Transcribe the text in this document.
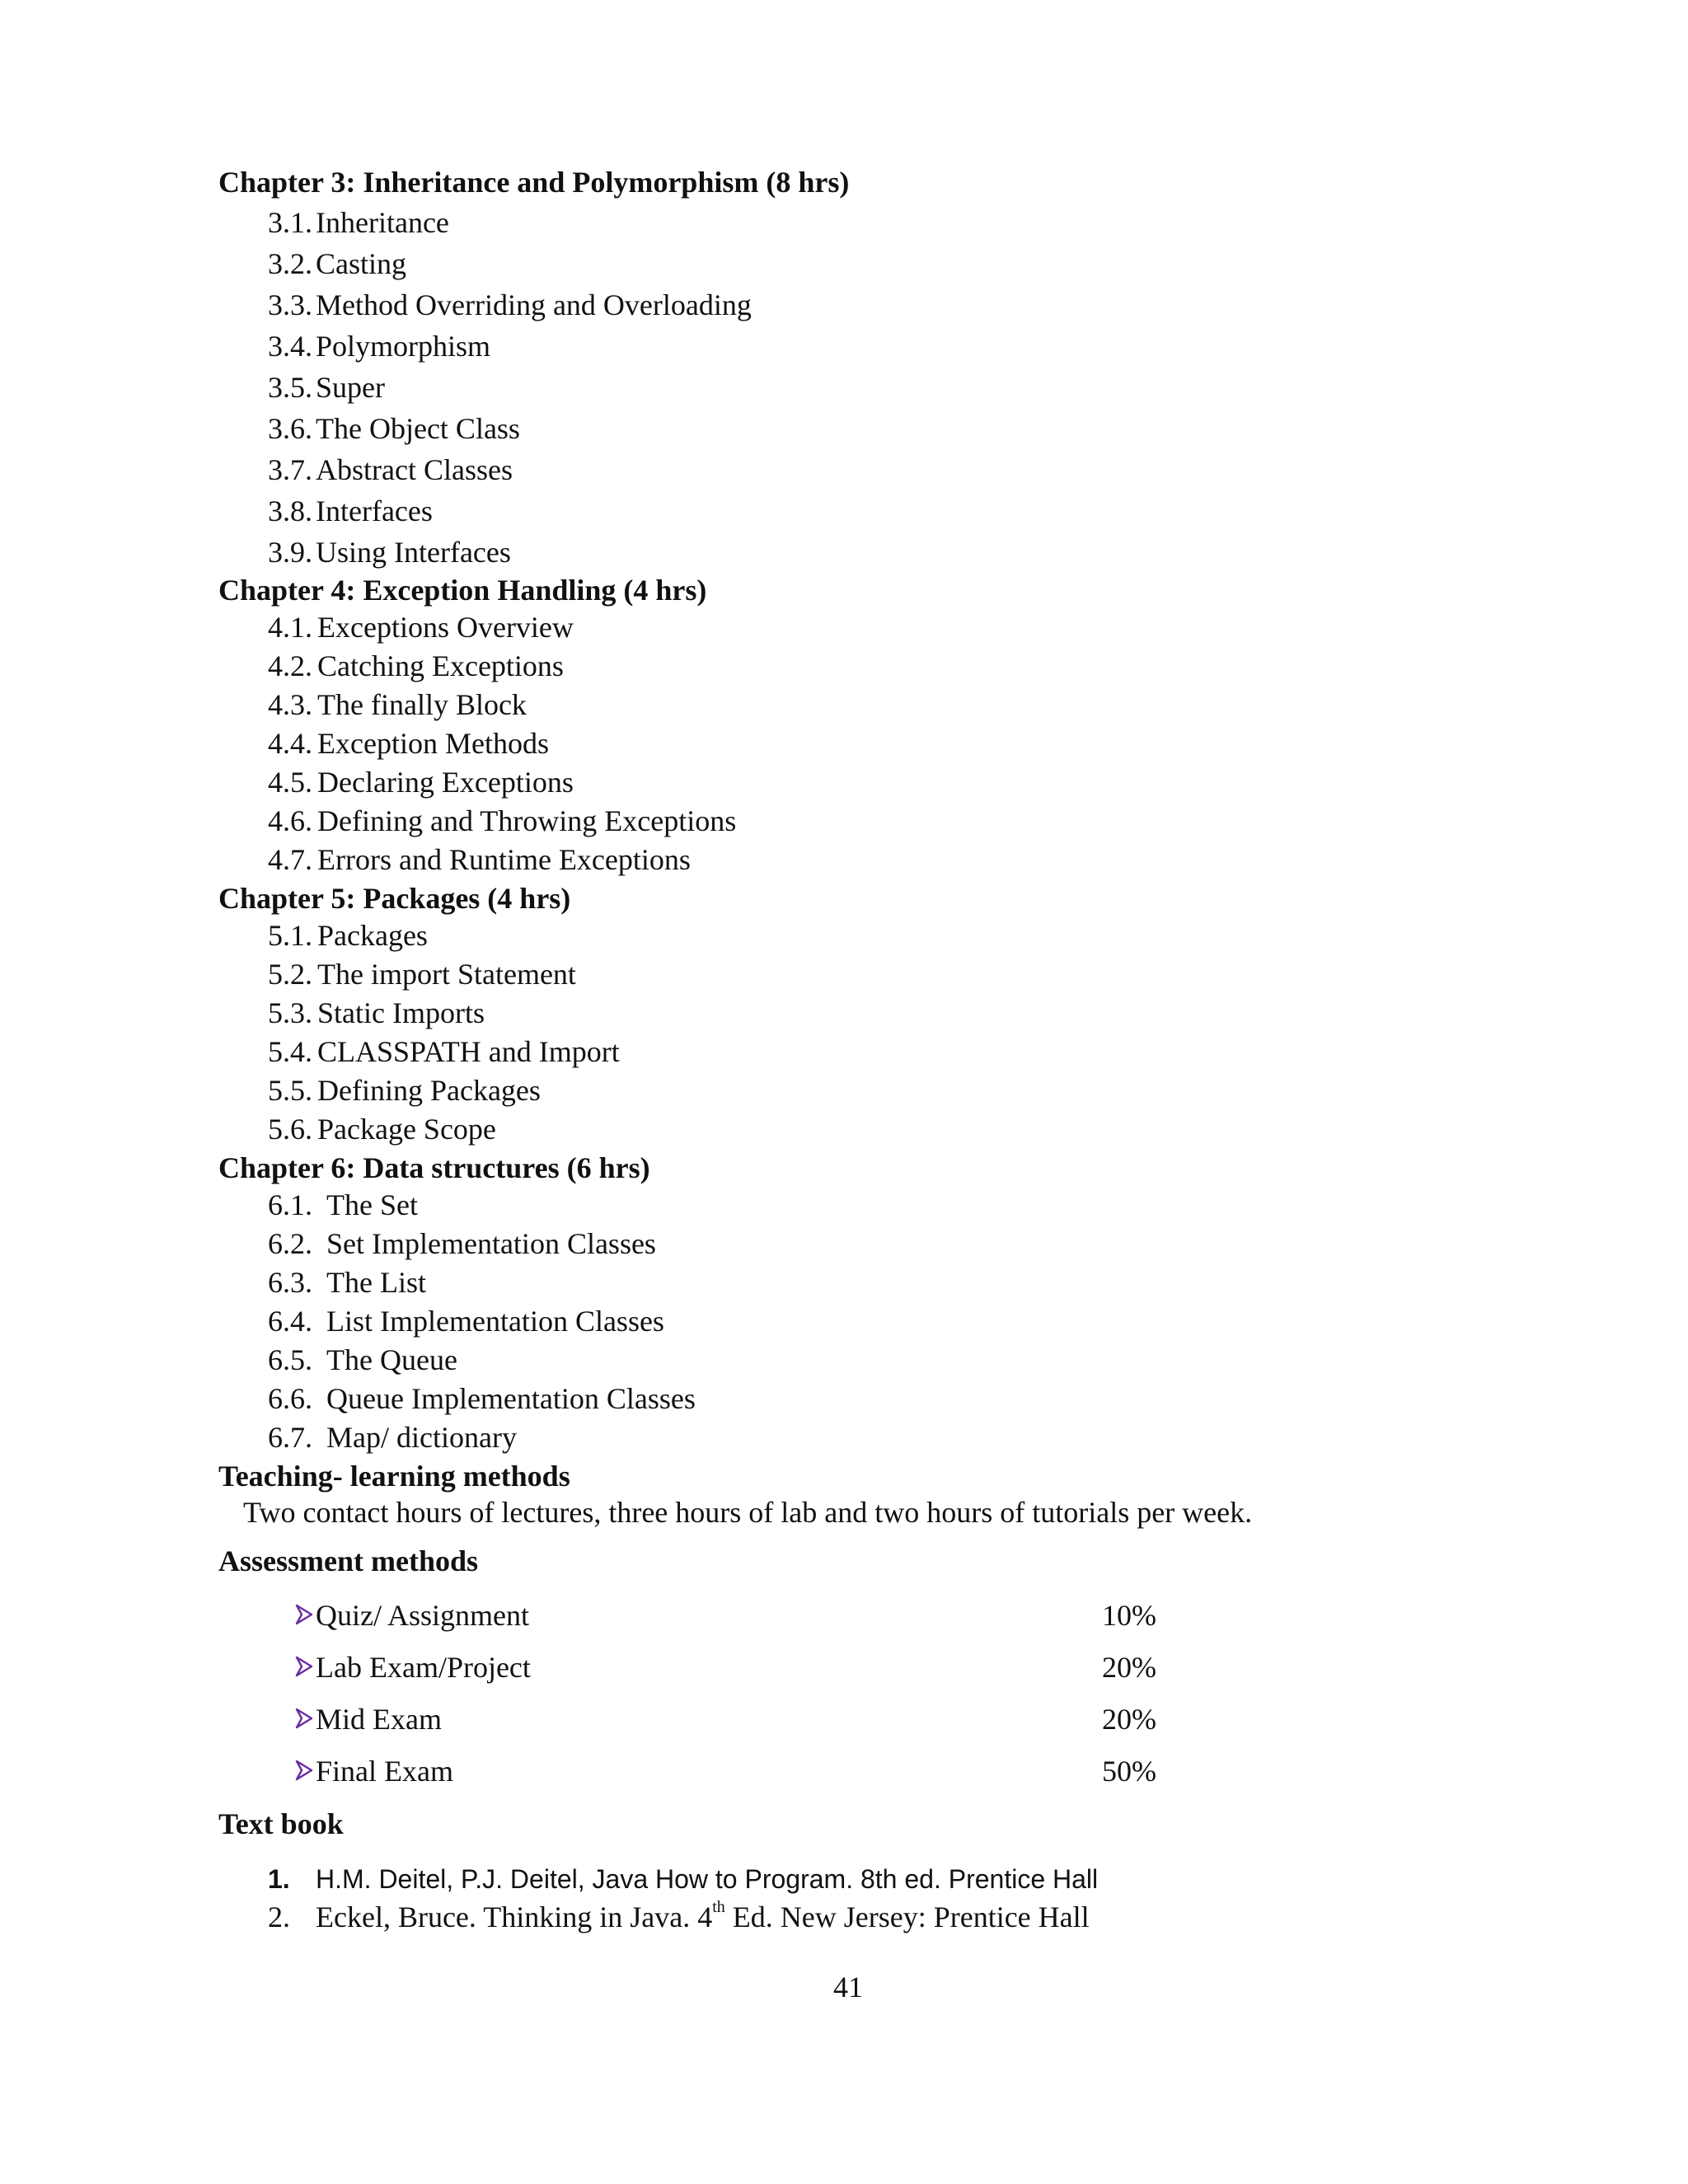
Chapter 3: Inheritance and Polymorphism (8 hrs)
3.1. Inheritance
3.2. Casting
3.3. Method Overriding and Overloading
3.4. Polymorphism
3.5. Super
3.6. The Object Class
3.7. Abstract Classes
3.8. Interfaces
3.9. Using Interfaces
Chapter 4: Exception Handling (4 hrs)
4.1. Exceptions Overview
4.2. Catching Exceptions
4.3. The finally Block
4.4. Exception Methods
4.5. Declaring Exceptions
4.6. Defining and Throwing Exceptions
4.7. Errors and Runtime Exceptions
Chapter 5: Packages (4 hrs)
5.1. Packages
5.2. The import Statement
5.3. Static Imports
5.4. CLASSPATH and Import
5.5. Defining Packages
5.6. Package Scope
Chapter 6: Data structures (6 hrs)
6.1. The Set
6.2. Set Implementation Classes
6.3. The List
6.4. List Implementation Classes
6.5. The Queue
6.6. Queue Implementation Classes
6.7. Map/ dictionary
Teaching- learning methods
Two contact hours of lectures, three hours of lab and two hours of tutorials per week.
Assessment methods
Quiz/ Assignment	10%
Lab Exam/Project	20%
Mid Exam	20%
Final Exam	50%
Text book
1. H.M. Deitel, P.J. Deitel, Java How to Program. 8th ed. Prentice Hall
2. Eckel, Bruce. Thinking in Java. 4th Ed. New Jersey: Prentice Hall
41
